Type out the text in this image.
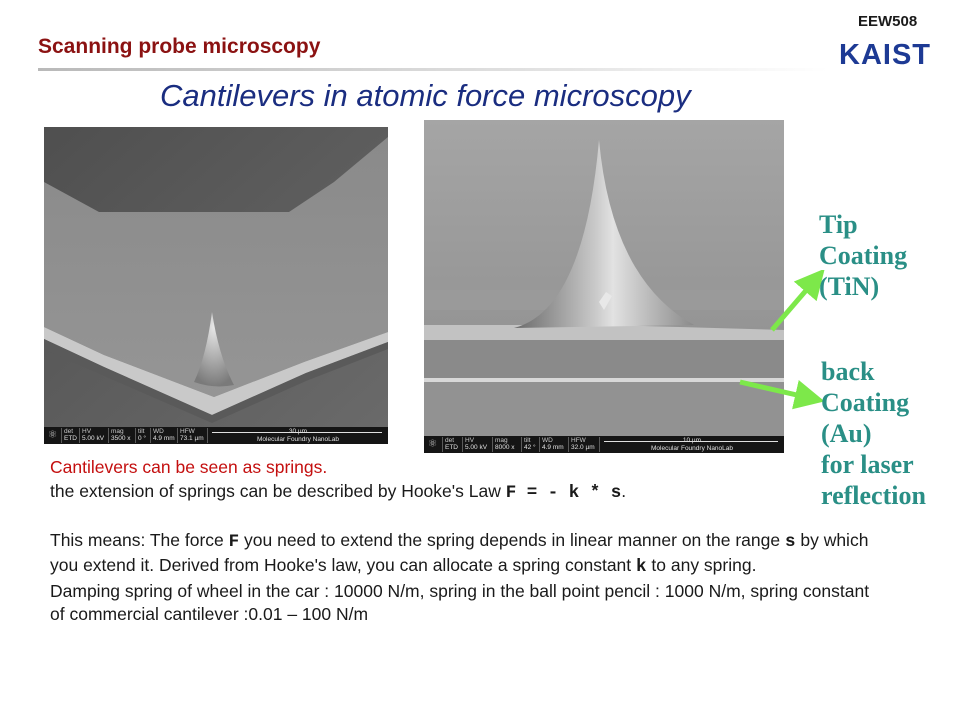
EEW508
KAIST
Scanning probe microscopy
Cantilevers in atomic force microscopy
⚛ det
ETD
HV
5.00 kV
mag
3500 x
tilt
0 °
WD
4.9 mm
HFW
73.1 µm
30 µm
Molecular Foundry NanoLab	⚛ det
ETD
HV
5.00 kV
mag
8000 x
tilt
42 °
WD
4.9 mm
HFW
32.0 µm
10 µm
Molecular Foundry NanoLab
Tip
Coating
(TiN)
back
Coating
(Au)
for laser
reflection

Cantilevers can be seen as springs.

the extension of springs can be described by Hooke's Law F = - k * s.

This means: The force F you need to extend the spring depends in linear manner on the range s by which you extend it. Derived from Hooke's law, you can allocate a spring constant k to any spring.

Damping spring of wheel in the car : 10000 N/m, spring in the ball point pencil : 1000 N/m, spring constant of commercial cantilever :0.01 – 100 N/m
